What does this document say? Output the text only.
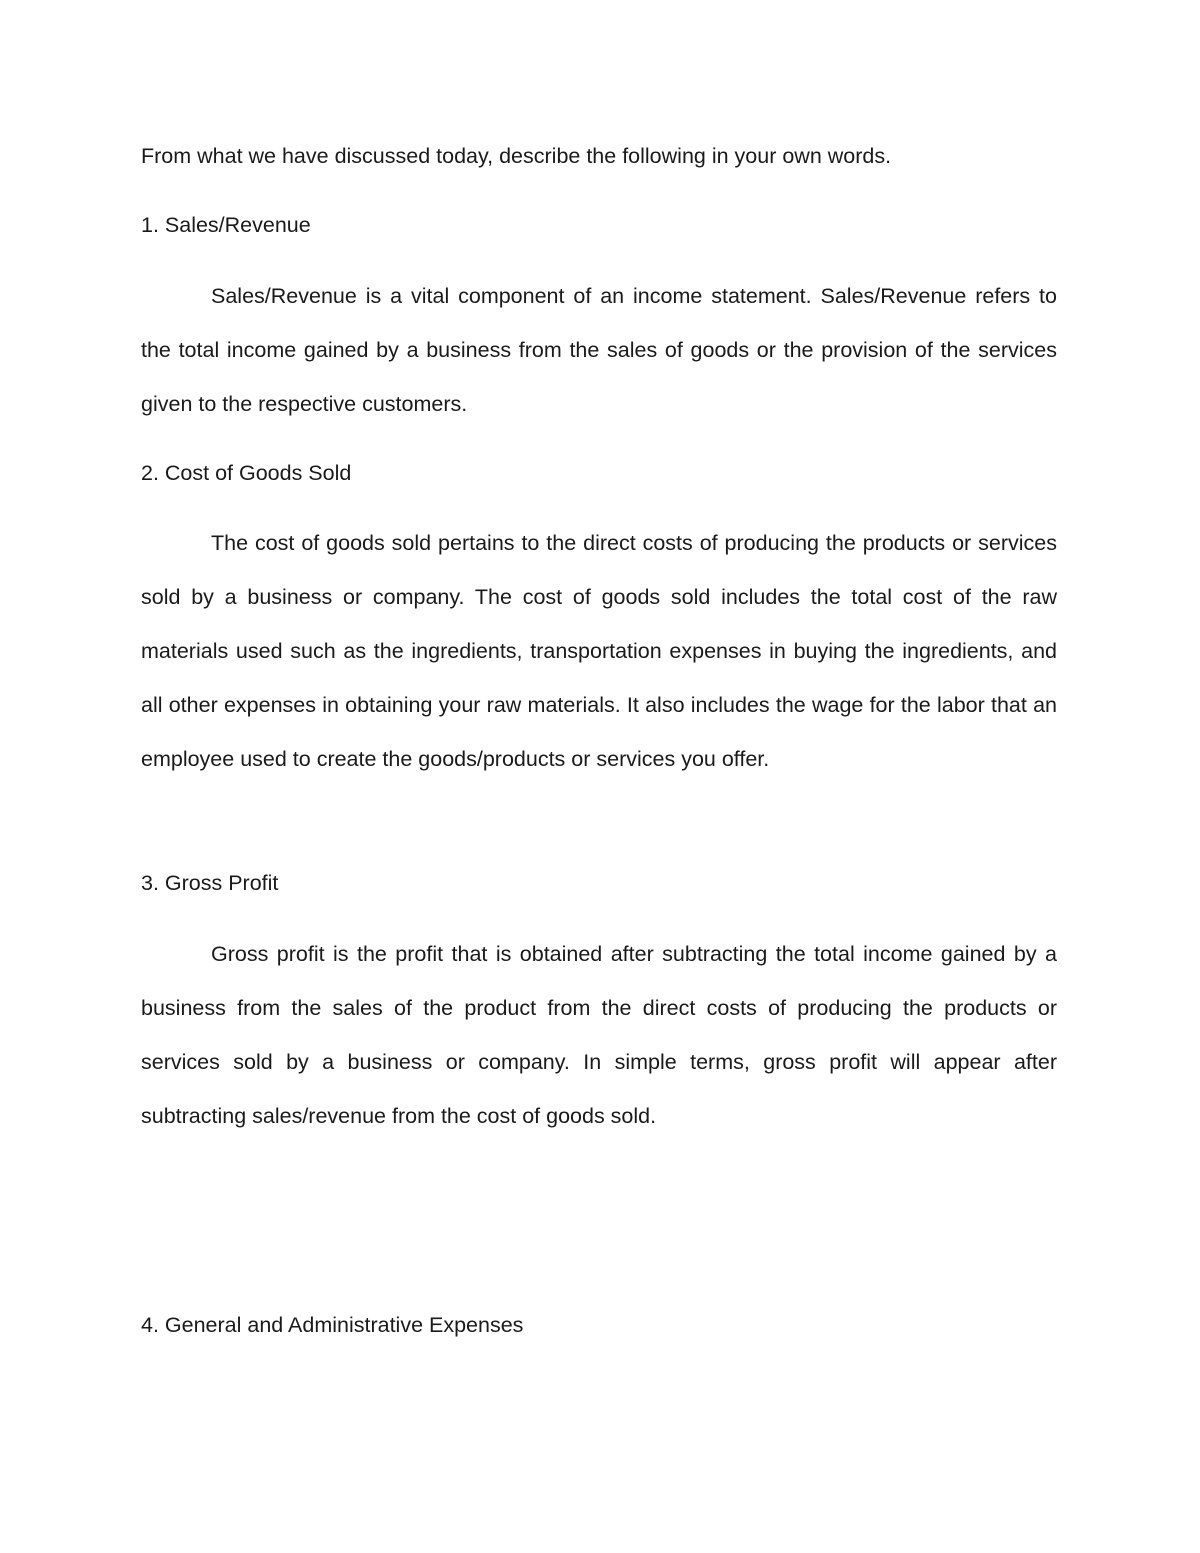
From what we have discussed today, describe the following in your own words.
1. Sales/Revenue

Sales/Revenue is a vital component of an income statement. Sales/Revenue refers to the total income gained by a business from the sales of goods or the provision of the services given to the respective customers.

2. Cost of Goods Sold

The cost of goods sold pertains to the direct costs of producing the products or services sold by a business or company. The cost of goods sold includes the total cost of the raw materials used such as the ingredients, transportation expenses in buying the ingredients, and all other expenses in obtaining your raw materials. It also includes the wage for the labor that an employee used to create the goods/products or services you offer.

3. Gross Profit

Gross profit is the profit that is obtained after subtracting the total income gained by a business from the sales of the product from the direct costs of producing the products or services sold by a business or company. In simple terms, gross profit will appear after subtracting sales/revenue from the cost of goods sold.

4. General and Administrative Expenses
